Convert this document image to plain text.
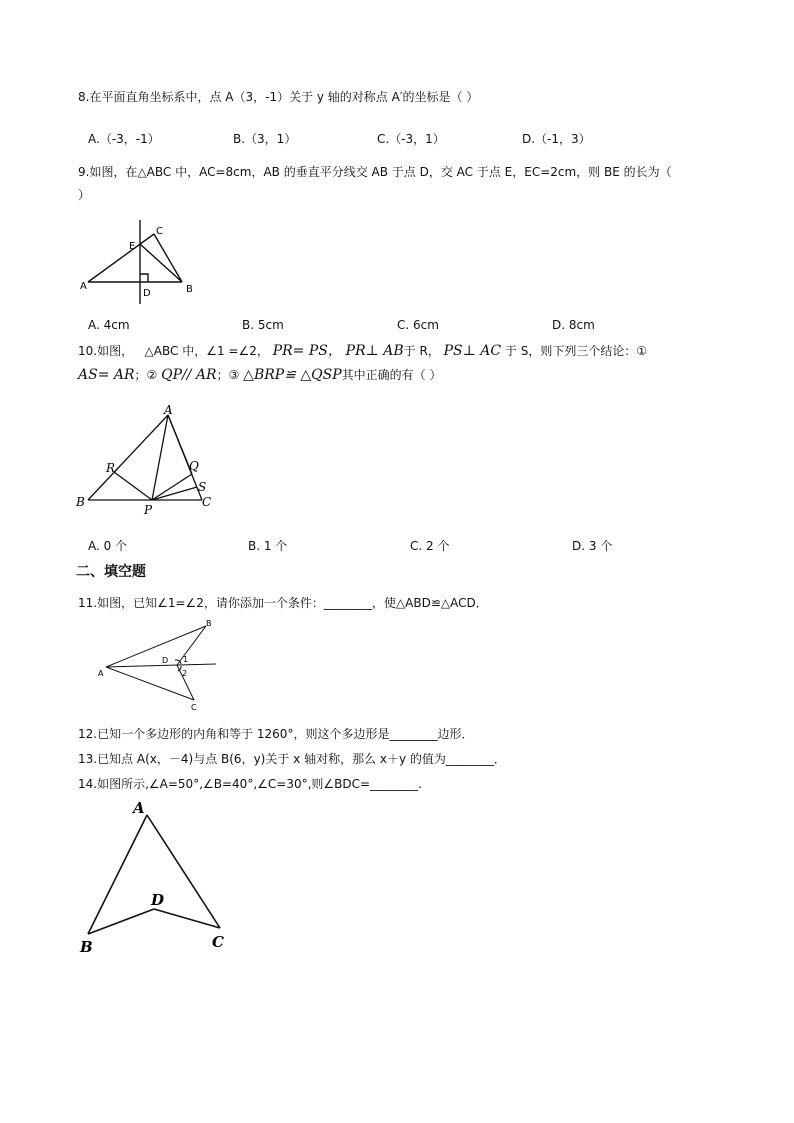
8.在平面直角坐标系中，点 A（3，-1）关于 y 轴的对称点 A′的坐标是（ ）
A.（-3，-1）	B.（3，1）	C.（-3，1）	D.（-1，3）
9.如图，在△ABC 中，AC=8cm，AB 的垂直平分线交 AB 于点 D，交 AC 于点 E，EC=2cm，则 BE 的长为（
）
A	B
C
D
E
A. 4cm	B. 5cm	C. 6cm	D. 8cm
10.如图， △ABC 中，∠1 =∠2， PR= PS， PR⊥ AB于 R， PS⊥ AC 于 S，则下列三个结论：①
AS= AR；② QP// AR；③ △BRP≌ △QSP其中正确的有（ ）
A
B	C
P
Q
R
S
A. 0 个	B. 1 个	C. 2 个	D. 3 个
二、填空题
11.如图，已知∠1=∠2，请你添加一个条件：________，使△ABD≌△ACD．
A
B
C
D 1
2
12.已知一个多边形的内角和等于 1260°，则这个多边形是________边形．
13.已知点 A(x，－4)与点 B(6，y)关于 x 轴对称，那么 x＋y 的值为________．
14.如图所示,∠A=50°,∠B=40°,∠C=30°,则∠BDC=________.
A
B	C
D
